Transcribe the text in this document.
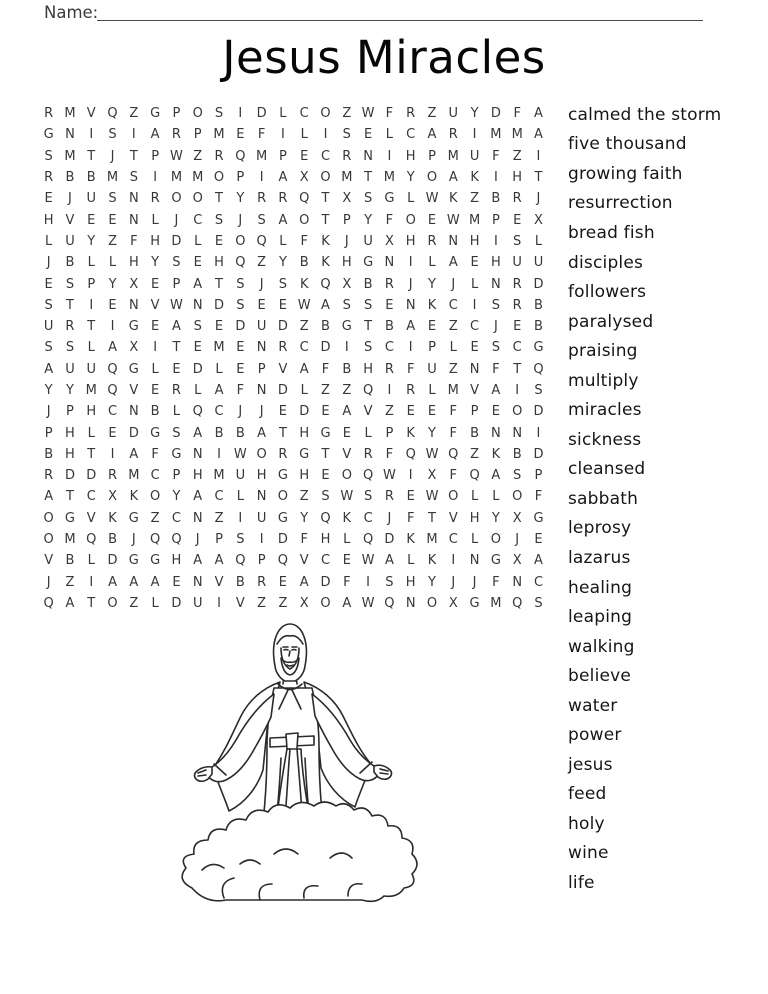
Name:
Jesus Miracles
R M V Q Z G P O S	I	D L	C O Z W F	R Z U Y D F	A
G N	I	S	I	A R P M E	F	I	L	I	S	E	L	C A R	I	M M A
S M T	J	T	P W Z R Q M P	E C R N	I	H P M U F	Z	I
R B B M S	I	M M O P	I	A X O M T M Y O A K	I	H T
E	J	U S N R O O T	Y R R Q T X S G L W K Z B R	J
H V E	E N L	J	C S	J	S A O T	P	Y	F O E W M P	E X
L U Y Z	F H D L	E O Q L	F	K	J	U X H R N H	I	S	L
J	B	L	L H Y	S	E H Q Z Y B K H G N	I	L	A E H U U
E	S	P	Y X E	P A T	S	J	S K Q X B R	J	Y	J	L N R D
S	T	I	E N V W N D S	E	E W A S	S	E N K C	I	S R B
U R T	I	G E A S	E D U D Z B G T B A E Z C	J	E B
S	S	L	A X	I	T	E M E N R C D	I	S C	I	P	L	E	S C G
A U U Q G L	E D L	E	P V A	F	B H R	F U Z N F	T Q
Y	Y M Q V E R	L	A	F N D L	Z Z Q	I	R	L M V A	I	S
J	P H C N B	L Q C	J	J	E D E A V Z E	E	F	P	E O D
P H L	E D G S A B B A T H G E	L	P	K	Y	F	B N N	I
B H T	I	A	F G N	I W O R G T V R	F Q W Q Z K B D
R D D R M C P H M U H G H E O Q W I	X	F Q A S	P
A T C X K O Y A C	L N O Z S W S R E W O L	L O F
O G V K G Z C N Z	I	U G Y Q K C	J	F	T V H Y X G
O M Q B	J	Q Q	J	P	S	I	D F H L Q D K M C	L O	J	E
V B	L D G G H A A Q P Q V C E W A	L	K	I	N G X A
J	Z	I	A A A E N V B R E A D F	I	S H Y	J	J	F N C
Q A T O Z	L D U	I	V Z Z X O A W Q N O X G M Q S
calmed the storm
five thousand
growing faith
resurrection
bread fish
disciples
followers
paralysed
praising
multiply
miracles
sickness
cleansed
sabbath
leprosy
lazarus
healing
leaping
walking
believe
water
power
jesus
feed
holy
wine
life
